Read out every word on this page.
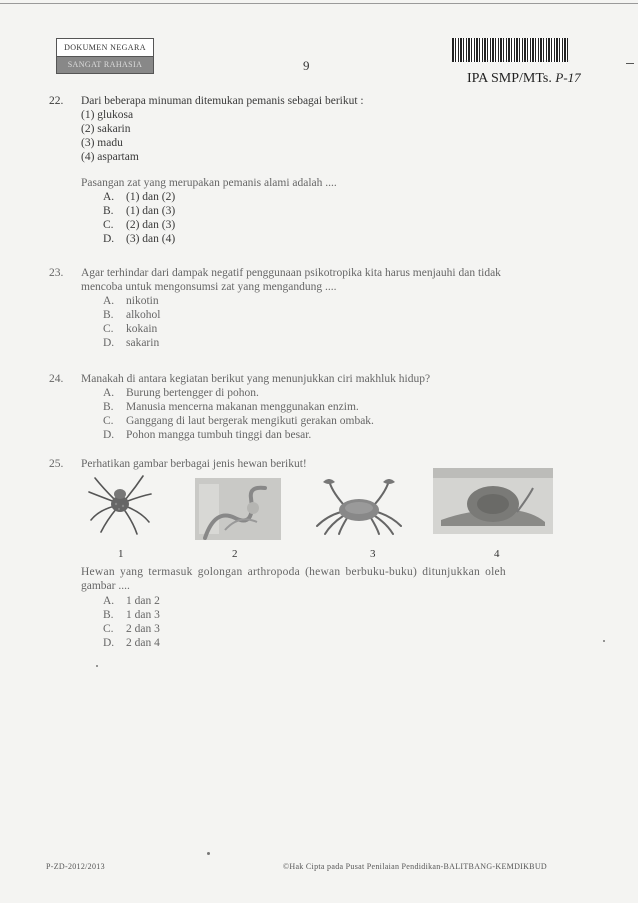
DOKUMEN NEGARA
SANGAT RAHASIA	9
IPA SMP/MTs. P-17
22. Dari beberapa minuman ditemukan pemanis sebagai berikut :
(1) glukosa
(2) sakarin
(3) madu
(4) aspartam
Pasangan zat yang merupakan pemanis alami adalah ....
A. (1) dan (2)
B. (1) dan (3)
C. (2) dan (3)
D. (3) dan (4)
23. Agar terhindar dari dampak negatif penggunaan psikotropika kita harus menjauhi dan tidak
mencoba untuk mengonsumsi zat yang mengandung ....
A. nikotin
B. alkohol
C. kokain
D. sakarin
24. Manakah di antara kegiatan berikut yang menunjukkan ciri makhluk hidup?
A. Burung bertengger di pohon.
B. Manusia mencerna makanan menggunakan enzim.
C. Ganggang di laut bergerak mengikuti gerakan ombak.
D. Pohon mangga tumbuh tinggi dan besar.
25. Perhatikan gambar berbagai jenis hewan berikut!
1	2	3	4
Hewan yang termasuk golongan arthropoda (hewan berbuku-buku) ditunjukkan oleh
gambar ....
A. 1 dan 2
B. 1 dan 3
C. 2 dan 3
D. 2 dan 4
P-ZD-2012/2013	©Hak Cipta pada Pusat Penilaian Pendidikan-BALITBANG-KEMDIKBUD
